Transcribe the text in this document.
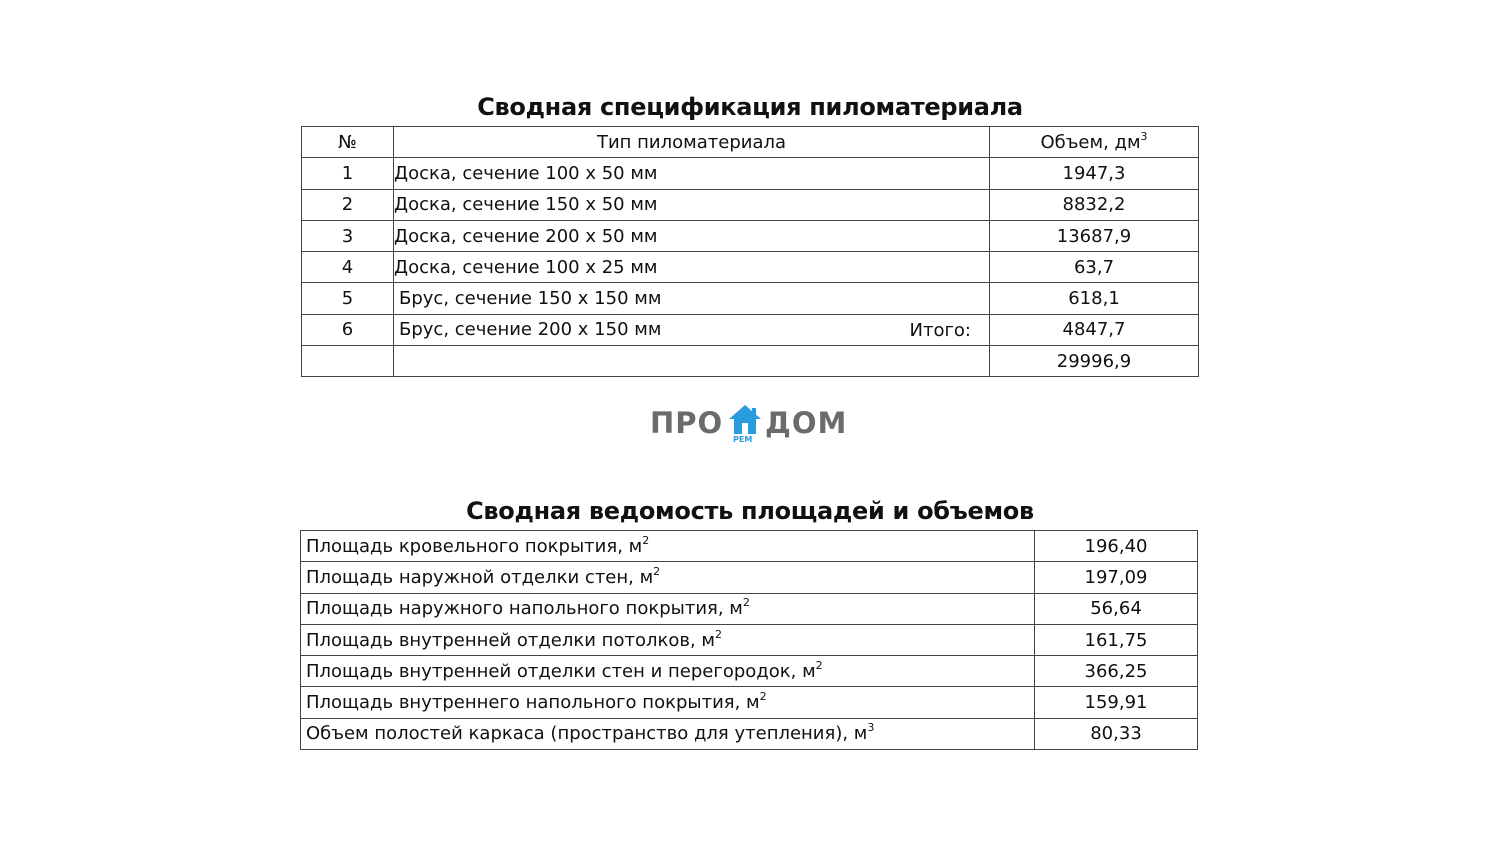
Сводная спецификация пиломатериала
№	Тип пиломатериала	Объем, $дм^3$
1	Доска, сечение 100 х 50 мм	1947,3
2	Доска, сечение 150 х 50 мм	8832,2
3	Доска, сечение 200 х 50 мм	13687,9
4	Доска, сечение 100 х 25 мм	63,7
5	Брус, сечение 150 х 150 мм	618,1
6	Брус, сечение 200 х 150 мм Итого:	4847,7
		29996,9
ПРО РЕМ ДОМ
Сводная ведомость площадей и объемов
Площадь кровельного покрытия, $м^2$	196,40
Площадь наружной отделки стен, $м^2$	197,09
Площадь наружного напольного покрытия, $м^2$	56,64
Площадь внутренней отделки потолков, $м^2$	161,75
Площадь внутренней отделки стен и перегородок, $м^2$	366,25
Площадь внутреннего напольного покрытия, $м^2$	159,91
Объем полостей каркаса (пространство для утепления), $м^3$	80,33
